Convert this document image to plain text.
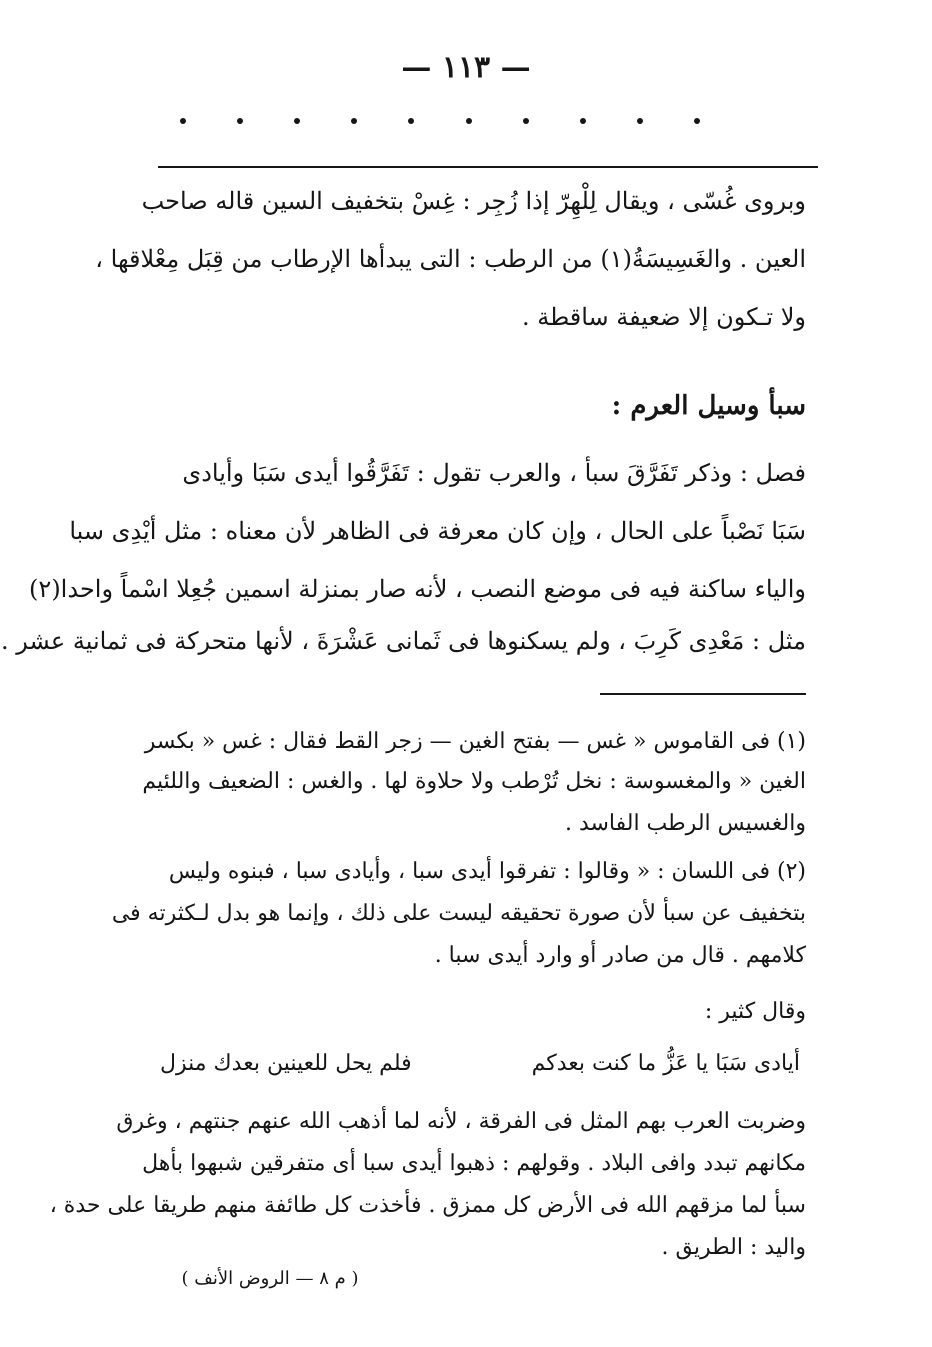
— ١١٣ —
وبروى غُسّى ، ويقال لِلْهِرّ إذا زُجِر : غِسْ بتخفيف السين قاله صاحب
العين . والغَسِيسَةُ(١) من الرطب : التى يبدأها الإرطاب من قِبَل مِعْلاقها ،
ولا تـكون إلا ضعيفة ساقطة .
سبأ وسيل العرم :
فصل : وذكر تَفَرَّقَ سبأ ، والعرب تقول : تَفَرَّقُوا أيدى سَبَا وأيادى
سَبَا نَصْباً على الحال ، وإن كان معرفة فى الظاهر لأن معناه : مثل أيْدِى سبا
والياء ساكنة فيه فى موضع النصب ، لأنه صار بمنزلة اسمين جُعِلا اسْماً واحدا(٢)
مثل : مَعْدِى كَرِبَ ، ولم يسكنوها فى ثَمانى عَشْرَةَ ، لأنها متحركة فى ثمانية عشر .
(١) فى القاموس « غس — بفتح الغين — زجر القط فقال : غس « بكسر
الغين « والمغسوسة : نخل تُرْطب ولا حلاوة لها . والغس : الضعيف واللئيم
والغسيس الرطب الفاسد .
(٢) فى اللسان : « وقالوا : تفرقوا أيدى سبا ، وأيادى سبا ، فبنوه وليس
بتخفيف عن سبأ لأن صورة تحقيقه ليست على ذلك ، وإنما هو بدل لـكثرته فى
كلامهم . قال من صادر أو وارد أيدى سبا .
وقال كثير :
أيادى سَبَا يا عَزُّ ما كنت بعدكم
فلم يحل للعينين بعدك منزل
وضربت العرب بهم المثل فى الفرقة ، لأنه لما أذهب الله عنهم جنتهم ، وغرق
مكانهم تبدد وافى البلاد . وقولهم : ذهبوا أيدى سبا أى متفرقين شبهوا بأهل
سبأ لما مزقهم الله فى الأرض كل ممزق . فأخذت كل طائفة منهم طريقا على حدة ،
واليد : الطريق .
( م ٨ — الروض الأنف )
